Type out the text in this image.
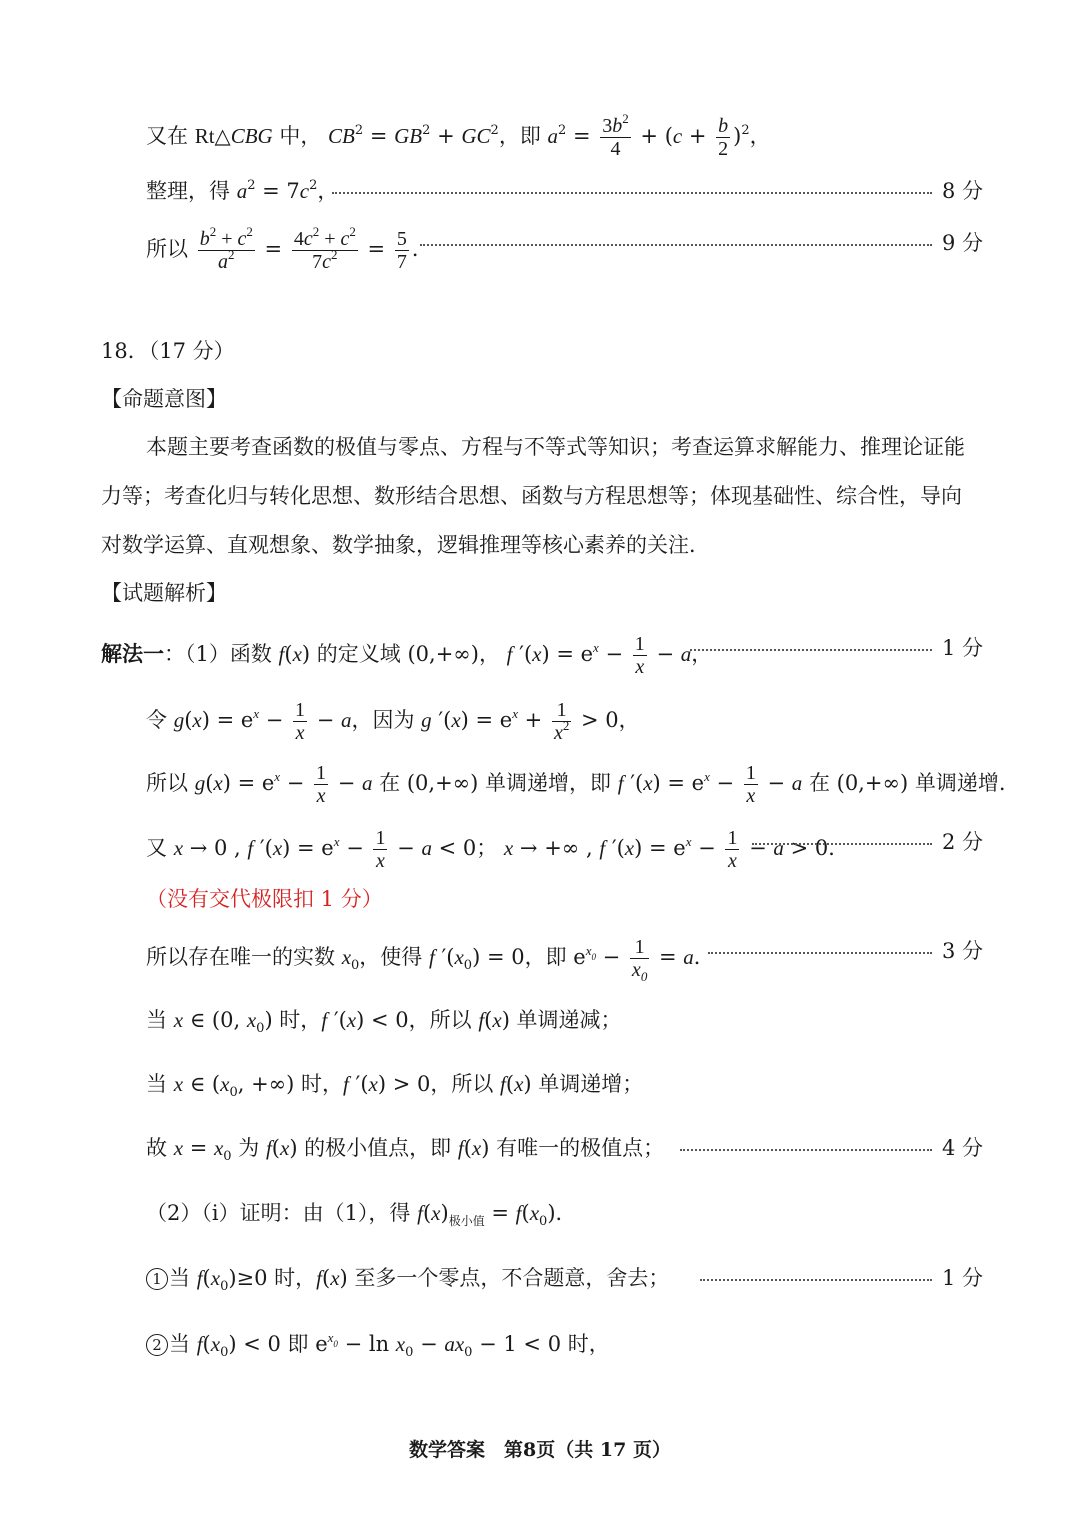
又在 Rt△CBG 中， $CB^2 = GB^2 + GC^2$，即 $a^2 = \frac{3b^2}{4} + (c + \frac{b}{2} )^2$，
整理，得 $a^2 = 7c^2$，	8 分
所以 $\frac{b^2 + c^2}{a^2} = \frac{4c^2 + c^2}{7c^2} = \frac{5}{7}$ ．	9 分
18．（17 分）
【命题意图】
本题主要考查函数的极值与零点、方程与不等式等知识；考查运算求解能力、推理论证能
力等；考查化归与转化思想、数形结合思想、函数与方程思想等；体现基础性、综合性，导向
对数学运算、直观想象、数学抽象，逻辑推理等核心素养的关注．
【试题解析】
解法一：（1）函数 f(x) 的定义域 (0,+∞)， f $'(x) = e^x - \frac{1}{x} - a$，	1 分
令 $g(x) = e^x - \frac{1}{x} - a$，因为 g $'(x) = e^x + \frac{1}{x^2} > 0$，
所以 $g(x) = e^x - \frac{1}{x} - a$ 在 (0,+∞) 单调递增，即 f $'(x) = e^x - \frac{1}{x} - a$ 在 (0,+∞) 单调递增.
又 x → 0 , f $'(x) = e^x - \frac{1}{x} - a < 0$； x → +∞ , f $'(x) = e^x - \frac{1}{x} - a > 0$．	2 分
（没有交代极限扣 1 分）
所以存在唯一的实数 $x_0$，使得 f $'(x_0) = 0$，即 $e^{x_0} - \frac{1}{x_0} = a$．	3 分
当 x ∈ (0, $x_0$) 时，f ′(x) < 0，所以 f(x) 单调递减；
当 x ∈ ($x_0$, +∞) 时，f ′(x) > 0，所以 f(x) 单调递增；
故 $x = x_0$ 为 f(x) 的极小值点，即 f(x) 有唯一的极值点；	4 分
（2）（i）证明：由（1），得 $f(x)_{极小值} = f(x_0)$．
1 当 $f(x_0)\ge 0$ 时，f(x) 至多一个零点，不合题意，舍去；	1 分
2 当 $f(x_0) < 0$ 即 $e^{x_0} - \ln x_0 - ax_0 - 1 < 0$ 时，
数学答案　第8页（共 17 页）
